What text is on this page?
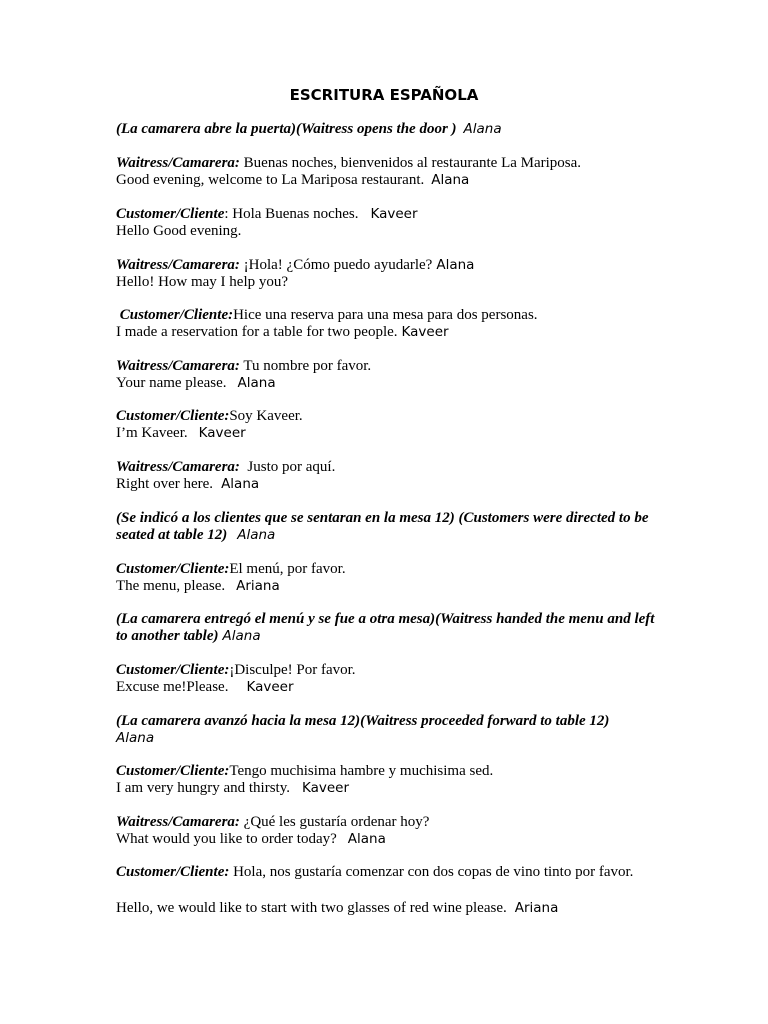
ESCRITURA ESPAÑOLA
(La camarera abre la puerta)(Waitress opens the door ) Alana
Waitress/Camarera: Buenas noches, bienvenidos al restaurante La Mariposa.
Good evening, welcome to La Mariposa restaurant. Alana
Customer/Cliente: Hola Buenas noches. Kaveer
Hello Good evening.
Waitress/Camarera: ¡Hola! ¿Cómo puedo ayudarle? Alana
Hello! How may I help you?
Customer/Cliente:Hice una reserva para una mesa para dos personas.
I made a reservation for a table for two people. Kaveer
Waitress/Camarera: Tu nombre por favor.
Your name please. Alana
Customer/Cliente:Soy Kaveer.
I’m Kaveer. Kaveer
Waitress/Camarera: Justo por aquí.
Right over here. Alana
(Se indicó a los clientes que se sentaran en la mesa 12) (Customers were directed to be seated at table 12) Alana
Customer/Cliente:El menú, por favor.
The menu, please. Ariana
(La camarera entregó el menú y se fue a otra mesa)(Waitress handed the menu and left to another table) Alana
Customer/Cliente:¡Disculpe! Por favor.
Excuse me!Please. Kaveer
(La camarera avanzó hacia la mesa 12)(Waitress proceeded forward to table 12)
Alana
Customer/Cliente:Tengo muchisima hambre y muchisima sed.
I am very hungry and thirsty. Kaveer
Waitress/Camarera: ¿Qué les gustaría ordenar hoy?
What would you like to order today? Alana
Customer/Cliente: Hola, nos gustaría comenzar con dos copas de vino tinto por favor.
Hello, we would like to start with two glasses of red wine please. Ariana
